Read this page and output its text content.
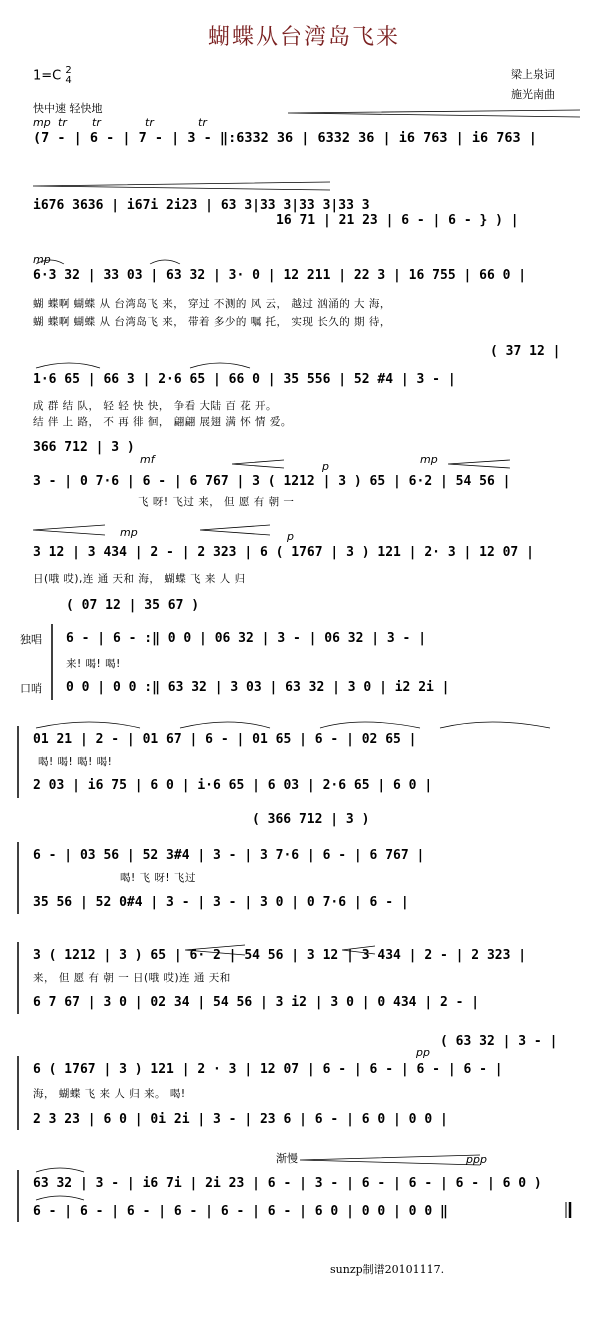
蝴蝶从台湾岛飞来
1=C 2
4	梁上泉词
施光南曲
快中速 轻快地
mp
mp
mf
p
mp
mp	p
pp
ppp
渐慢
tr tr	tr	tr
(7 - | 6 - | 7 - | 3 - ‖:6332 36 | 6332 36 | i6 763 | i6 763 |
i676 3636 | i67i 2i23 | 63 3|33 3|33 3|33 3
16 71 | 21 23 | 6 - | 6 - } ) |
6·3 32 | 33 03 | 63 32 | 3· 0 | 12 211 | 22 3 | 16 755 | 66 0 |
蝴 蝶啊 蝴蝶 从 台湾岛飞 来， 穿过 不测的 风 云， 越过 汹涌的 大 海，
蝴 蝶啊 蝴蝶 从 台湾岛飞 来， 带着 多少的 嘱 托， 实现 长久的 期 待，
( 37 12 |
1·6 65 | 66 3 | 2·6 65 | 66 0 | 35 556 | 52 #4 | 3 - |
成 群 结 队， 轻 轻 快 快， 争看 大陆 百 花 开。
结 伴 上 路， 不 再 徘 徊， 翩翩 展翅 满 怀 情 爱。
366 712 | 3 )
3 - | 0 7·6 | 6 - | 6 767 | 3 ( 1212 | 3 ) 65 | 6·2 | 54 56 |
飞 呀! 飞过 来， 但 愿 有 朝 一
3 12 | 3 434 | 2 - | 2 323 | 6 ( 1767 | 3 ) 121 | 2· 3 | 12 07 |
日(哦 哎),连 通 天和 海， 蝴蝶 飞 来 人 归
独唱
口哨
( 07 12 | 35 67 )
6 - | 6 - :‖ 0 0 | 06 32 | 3 - | 06 32 | 3 - |
来! 喝! 喝!
0 0 | 0 0 :‖ 63 32 | 3 03 | 63 32 | 3 0 | i2 2i |
01 21 | 2 - | 01 67 | 6 - | 01 65 | 6 - | 02 65 |
喝! 喝! 喝! 喝!
2 03 | i6 75 | 6 0 | i·6 65 | 6 03 | 2·6 65 | 6 0 |
( 366 712 | 3 )
6 - | 03 56 | 52 3#4 | 3 - | 3 7·6 | 6 - | 6 767 |
喝! 飞 呀! 飞过
35 56 | 52 0#4 | 3 - | 3 - | 3 0 | 0 7·6 | 6 - |
3 ( 1212 | 3 ) 65 | 6· 2 | 54 56 | 3 12 | 3 434 | 2 - | 2 323 |
来， 但 愿 有 朝 一 日(哦 哎)连 通 天和
6 7 67 | 3 0 | 02 34 | 54 56 | 3 i2 | 3 0 | 0 434 | 2 - |
( 63 32 | 3 - |
6 ( 1767 | 3 ) 121 | 2 · 3 | 12 07 | 6 - | 6 - | 6 - | 6 - |
海， 蝴蝶 飞 来 人 归 来。 喝!
2 3 23 | 6 0 | 0i 2i | 3 - | 23 6 | 6 - | 6 0 | 0 0 |
63 32 | 3 - | i6 7i | 2i 23 | 6 - | 3 - | 6 - | 6 - | 6 - | 6 0 )
6 - | 6 - | 6 - | 6 - | 6 - | 6 - | 6 0 | 0 0 | 0 0 ‖
sunzp制谱20101117.
